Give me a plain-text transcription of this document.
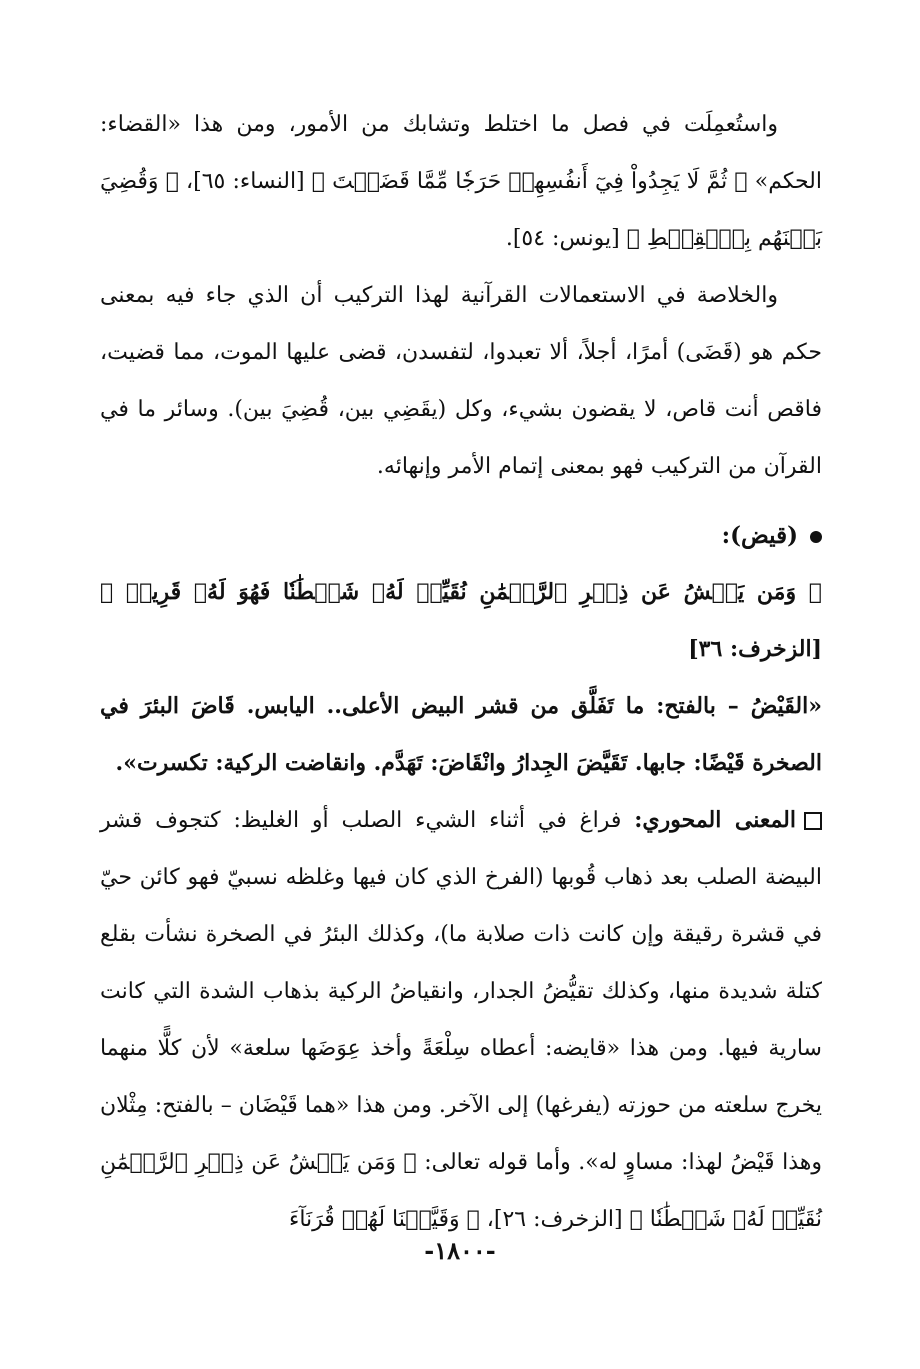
واستُعمِلَت في فصل ما اختلط وتشابك من الأمور، ومن هذا «القضاء: الحكم» ﴿ ثُمَّ لَا يَجِدُواْ فِيٓ أَنفُسِهِمۡ حَرَجٗا مِّمَّا قَضَيۡتَ ﴾ [النساء: ٦٥]، ﴿ وَقُضِيَ بَيۡنَهُم بِٱلۡقِسۡطِ ﴾ [يونس: ٥٤].

والخلاصة في الاستعمالات القرآنية لهذا التركيب أن الذي جاء فيه بمعنى حكم هو (قَضَى) أمرًا، أجلاً، ألا تعبدوا، لتفسدن، قضى عليها الموت، مما قضيت، فاقص أنت قاص، لا يقضون بشيء، وكل (يقَضِي بين، قُضِيَ بين). وسائر ما في القرآن من التركيب فهو بمعنى إتمام الأمر وإنهائه.

(قيض):

﴿ وَمَن يَعۡشُ عَن ذِكۡرِ ٱلرَّحۡمَٰنِ نُقَيِّضۡ لَهُۥ شَيۡطَٰنٗا فَهُوَ لَهُۥ قَرِينٞ ﴾ [الزخرف: ٣٦]

«القَيْضُ – بالفتح: ما تَفَلَّق من قشر البيض الأعلى.. اليابس. قَاضَ البئرَ في الصخرة قَيْضًا: جابها. تَقَيَّضَ الجِدارُ وانْقَاضَ: تَهَدَّم. وانقاضت الركية: تكسرت».

المعنى المحوري: فراغ في أثناء الشيء الصلب أو الغليظ: كتجوف قشر البيضة الصلب بعد ذهاب قُوبها (الفرخ الذي كان فيها وغلظه نسبيّ فهو كائن حيّ في قشرة رقيقة وإن كانت ذات صلابة ما)، وكذلك البئرُ في الصخرة نشأت بقلع كتلة شديدة منها، وكذلك تقيُّضُ الجدار، وانقياضُ الركية بذهاب الشدة التي كانت سارية فيها. ومن هذا «قايضه: أعطاه سِلْعَةً وأخذ عِوَضَها سلعة» لأن كلًّا منهما يخرج سلعته من حوزته (يفرغها) إلى الآخر. ومن هذا «هما قَيْضَان – بالفتح: مِثْلان وهذا قَيْضُ لهذا: مساوٍ له». وأما قوله تعالى: ﴿ وَمَن يَعۡشُ عَن ذِكۡرِ ٱلرَّحۡمَٰنِ نُقَيِّضۡ لَهُۥ شَيۡطَٰنٗا ﴾ [الزخرف: ٢٦]، ﴿ وَقَيَّضۡنَا لَهُمۡ قُرَنَآءَ

-١٨٠٠-
